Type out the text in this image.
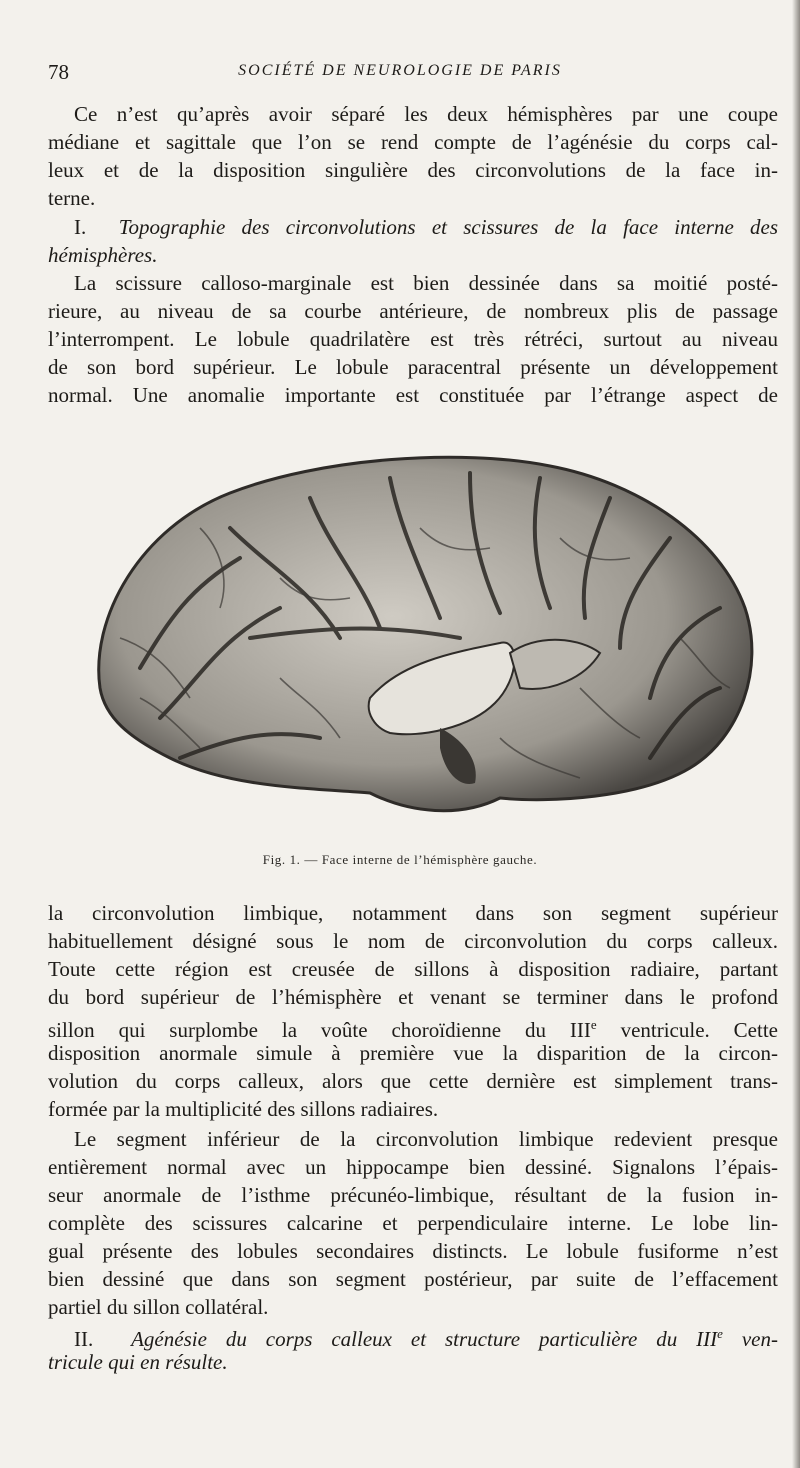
78	SOCIÉTÉ DE NEUROLOGIE DE PARIS
Ce n’est qu’après avoir séparé les deux hémisphères par une coupe
médiane et sagittale que l’on se rend compte de l’agénésie du corps cal-
leux et de la disposition singulière des circonvolutions de la face in-
terne.
I. Topographie des circonvolutions et scissures de la face interne des
hémisphères.
La scissure calloso-marginale est bien dessinée dans sa moitié posté-
rieure, au niveau de sa courbe antérieure, de nombreux plis de passage
l’interrompent. Le lobule quadrilatère est très rétréci, surtout au niveau
de son bord supérieur. Le lobule paracentral présente un développement
normal. Une anomalie importante est constituée par l’étrange aspect de
Fig. 1. — Face interne de l’hémisphère gauche.
la circonvolution limbique, notamment dans son segment supérieur
habituellement désigné sous le nom de circonvolution du corps calleux.
Toute cette région est creusée de sillons à disposition radiaire, partant
du bord supérieur de l’hémisphère et venant se terminer dans le profond
sillon qui surplombe la voûte choroïdienne du IIIe ventricule. Cette
disposition anormale simule à première vue la disparition de la circon-
volution du corps calleux, alors que cette dernière est simplement trans-
formée par la multiplicité des sillons radiaires.
Le segment inférieur de la circonvolution limbique redevient presque
entièrement normal avec un hippocampe bien dessiné. Signalons l’épais-
seur anormale de l’isthme précunéo-limbique, résultant de la fusion in-
complète des scissures calcarine et perpendiculaire interne. Le lobe lin-
gual présente des lobules secondaires distincts. Le lobule fusiforme n’est
bien dessiné que dans son segment postérieur, par suite de l’effacement
partiel du sillon collatéral.
II. Agénésie du corps calleux et structure particulière du IIIe ven-
tricule qui en résulte.
